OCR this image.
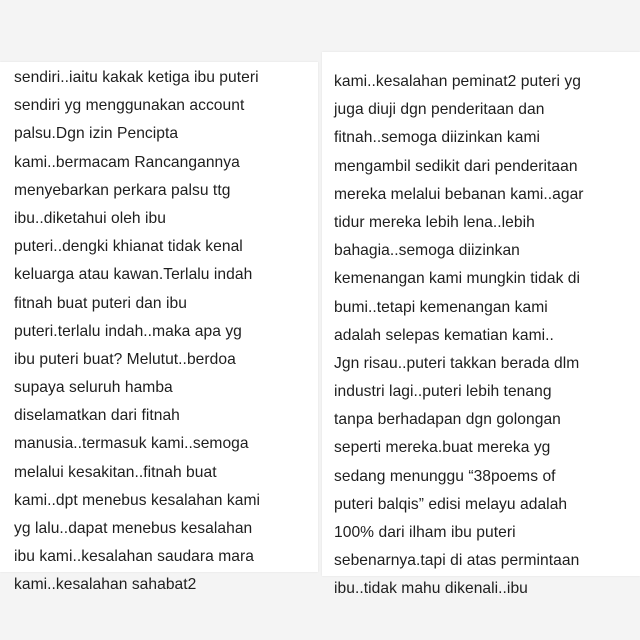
sendiri..iaitu kakak ketiga ibu puteri
sendiri yg menggunakan account
palsu.Dgn izin Pencipta
kami..bermacam Rancangannya
menyebarkan perkara palsu ttg
ibu..diketahui oleh ibu
puteri..dengki khianat tidak kenal
keluarga atau kawan.Terlalu indah
fitnah buat puteri dan ibu
puteri.terlalu indah..maka apa yg
ibu puteri buat? Melutut..berdoa
supaya seluruh hamba
diselamatkan dari fitnah
manusia..termasuk kami..semoga
melalui kesakitan..fitnah buat
kami..dpt menebus kesalahan kami
yg lalu..dapat menebus kesalahan
ibu kami..kesalahan saudara mara
kami..kesalahan sahabat2
kami..kesalahan peminat2 puteri yg
juga diuji dgn penderitaan dan
fitnah..semoga diizinkan kami
mengambil sedikit dari penderitaan
mereka melalui bebanan kami..agar
tidur mereka lebih lena..lebih
bahagia..semoga diizinkan
kemenangan kami mungkin tidak di
bumi..tetapi kemenangan kami
adalah selepas kematian kami..
Jgn risau..puteri takkan berada dlm
industri lagi..puteri lebih tenang
tanpa berhadapan dgn golongan
seperti mereka.buat mereka yg
sedang menunggu “38poems of
puteri balqis” edisi melayu adalah
100% dari ilham ibu puteri
sebenarnya.tapi di atas permintaan
ibu..tidak mahu dikenali..ibu
